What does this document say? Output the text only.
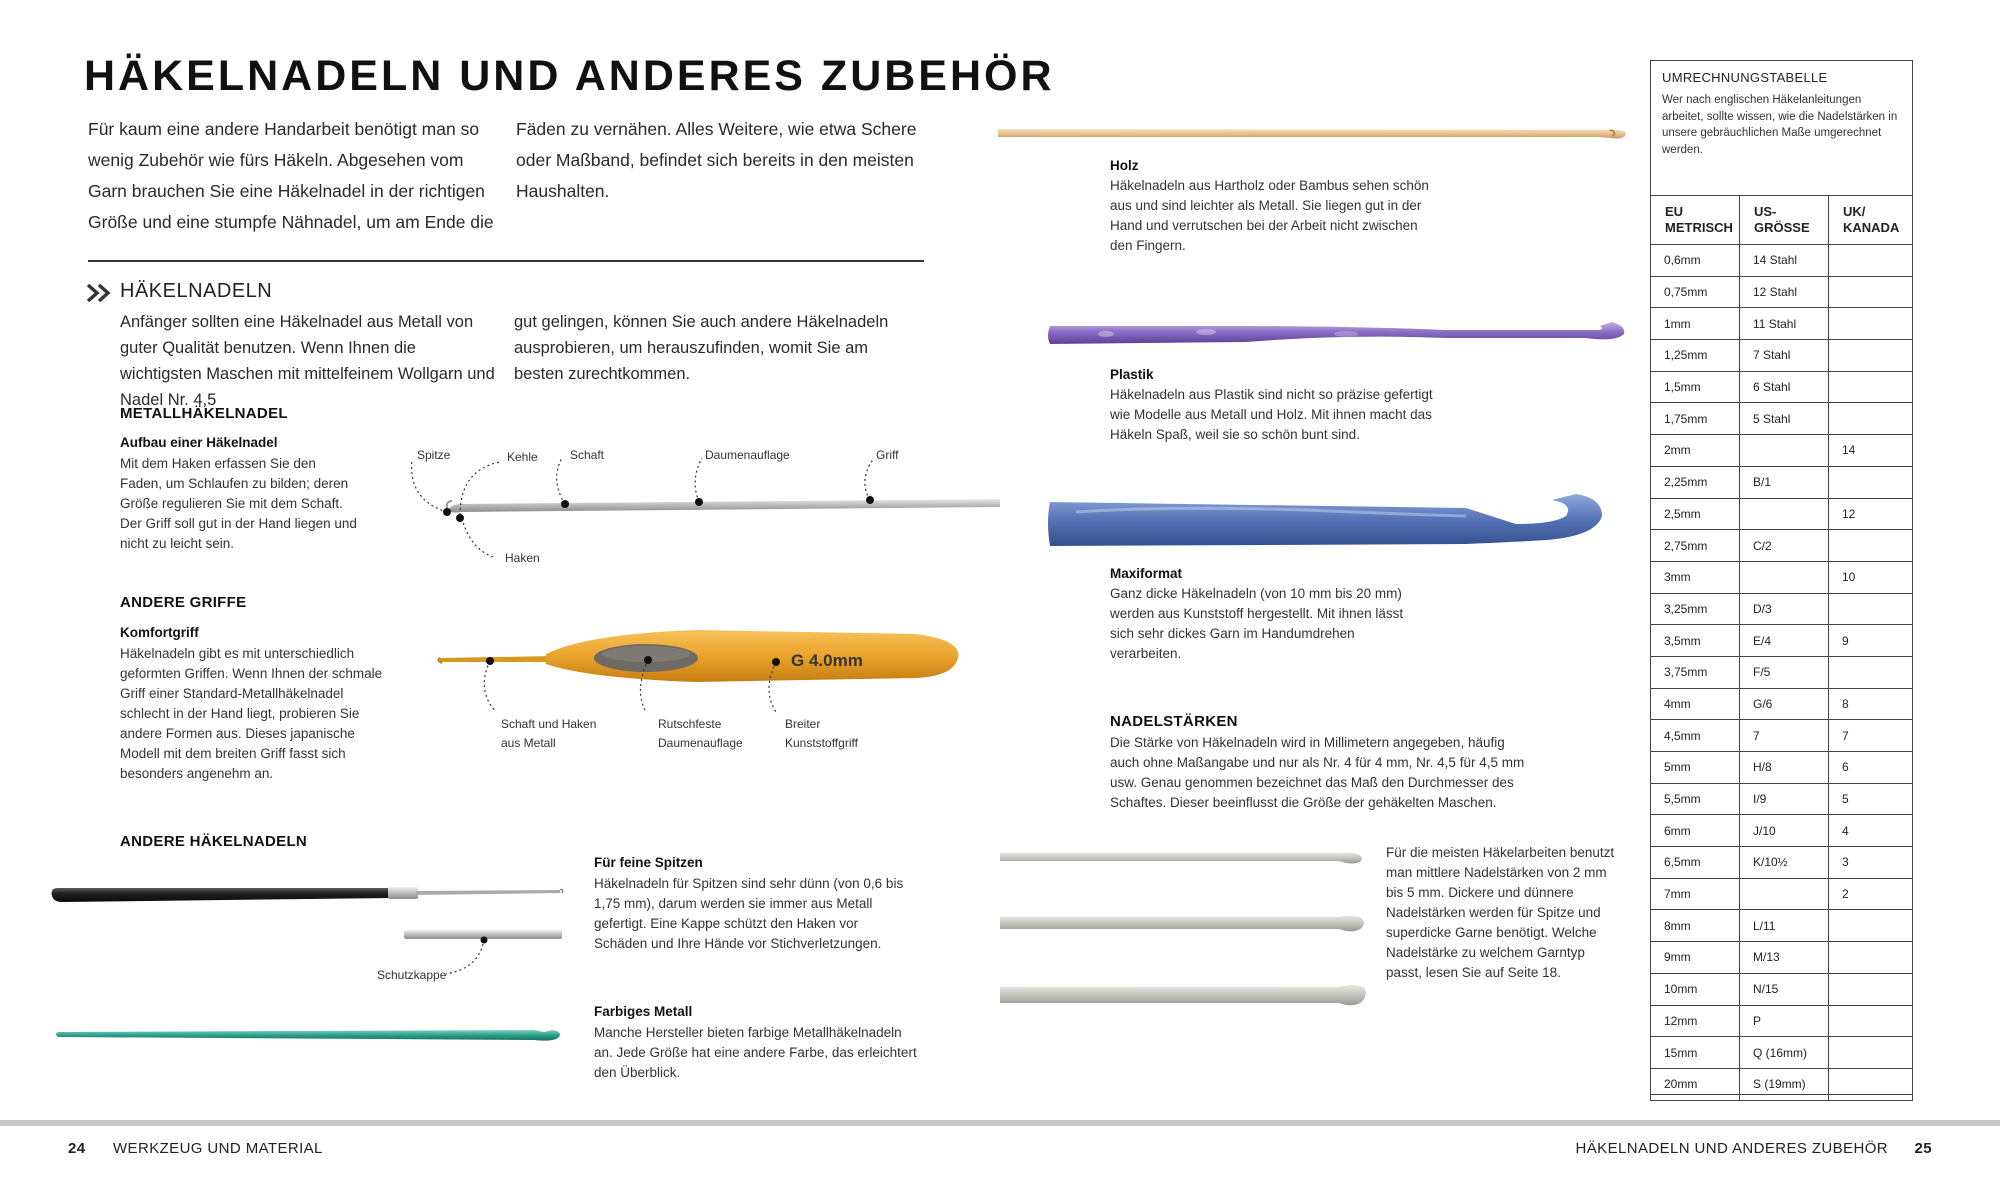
HÄKELNADELN UND ANDERES ZUBEHÖR
Für kaum eine andere Handarbeit benötigt man so wenig Zubehör wie fürs Häkeln. Abgesehen vom Garn brauchen Sie eine Häkelnadel in der richtigen Größe und eine stumpfe Nähnadel, um am Ende die
Fäden zu vernähen. Alles Weitere, wie etwa Schere oder Maßband, befindet sich bereits in den meisten Haushalten.
HÄKELNADELN
Anfänger sollten eine Häkelnadel aus Metall von guter Qualität benutzen. Wenn Ihnen die wichtigsten Maschen mit mittelfeinem Wollgarn und Nadel Nr. 4,5
gut gelingen, können Sie auch andere Häkelnadeln ausprobieren, um herauszufinden, womit Sie am besten zurechtkommen.
METALLHÄKELNADEL
Aufbau einer Häkelnadel
Mit dem Haken erfassen Sie den Faden, um Schlaufen zu bilden; deren Größe regulieren Sie mit dem Schaft. Der Griff soll gut in der Hand liegen und nicht zu leicht sein.
Spitze	Kehle	Schaft	Daumenauflage	Griff
Haken
ANDERE GRIFFE
Komfortgriff
Häkelnadeln gibt es mit unterschiedlich geformten Griffen. Wenn Ihnen der schmale Griff einer Standard-Metallhäkelnadel schlecht in der Hand liegt, probieren Sie andere Formen aus. Dieses japanische Modell mit dem breiten Griff fasst sich besonders angenehm an.
G 4.0mm
Schaft und Haken
aus Metall
Rutschfeste
Daumenauflage
Breiter
Kunststoffgriff
ANDERE HÄKELNADELN
Schutzkappe
Für feine Spitzen
Häkelnadeln für Spitzen sind sehr dünn (von 0,6 bis 1,75 mm), darum werden sie immer aus Metall gefertigt. Eine Kappe schützt den Haken vor Schäden und Ihre Hände vor Stichverletzungen.
Farbiges Metall
Manche Hersteller bieten farbige Metallhäkelnadeln an. Jede Größe hat eine andere Farbe, das erleichtert den Überblick.
Holz
Häkelnadeln aus Hartholz oder Bambus sehen schön aus und sind leichter als Metall. Sie liegen gut in der Hand und verrutschen bei der Arbeit nicht zwischen den Fingern.
Plastik
Häkelnadeln aus Plastik sind nicht so präzise gefertigt wie Modelle aus Metall und Holz. Mit ihnen macht das Häkeln Spaß, weil sie so schön bunt sind.
Maxiformat
Ganz dicke Häkelnadeln (von 10 mm bis 20 mm) werden aus Kunststoff hergestellt. Mit ihnen lässt sich sehr dickes Garn im Handumdrehen verarbeiten.
NADELSTÄRKEN
Die Stärke von Häkelnadeln wird in Millimetern angegeben, häufig auch ohne Maßangabe und nur als Nr. 4 für 4 mm, Nr. 4,5 für 4,5 mm usw. Genau genommen bezeichnet das Maß den Durchmesser des Schaftes. Dieser beeinflusst die Größe der gehäkelten Maschen.
Für die meisten Häkelarbeiten benutzt man mittlere Nadelstärken von 2 mm bis 5 mm. Dickere und dünnere Nadelstärken werden für Spitze und superdicke Garne benötigt. Welche Nadelstärke zu welchem Garntyp passt, lesen Sie auf Seite 18.
UMRECHNUNGSTABELLE
Wer nach englischen Häkelanleitungen arbeitet, sollte wissen, wie die Nadelstärken in unsere gebräuchlichen Maße umgerechnet werden.
EU METRISCH	US-GRÖSSE	UK/ KANADA
0,6mm	14 Stahl	
0,75mm	12 Stahl	
1mm	11 Stahl	
1,25mm	7 Stahl	
1,5mm	6 Stahl	
1,75mm	5 Stahl	
2mm		14
2,25mm	B/1	
2,5mm		12
2,75mm	C/2	
3mm		10
3,25mm	D/3	
3,5mm	E/4	9
3,75mm	F/5	
4mm	G/6	8
4,5mm	7	7
5mm	H/8	6
5,5mm	I/9	5
6mm	J/10	4
6,5mm	K/10½	3
7mm		2
8mm	L/11	
9mm	M/13	
10mm	N/15	
12mm	P	
15mm	Q (16mm)	
20mm	S (19mm)	
24 WERKZEUG UND MATERIAL	HÄKELNADELN UND ANDERES ZUBEHÖR 25
